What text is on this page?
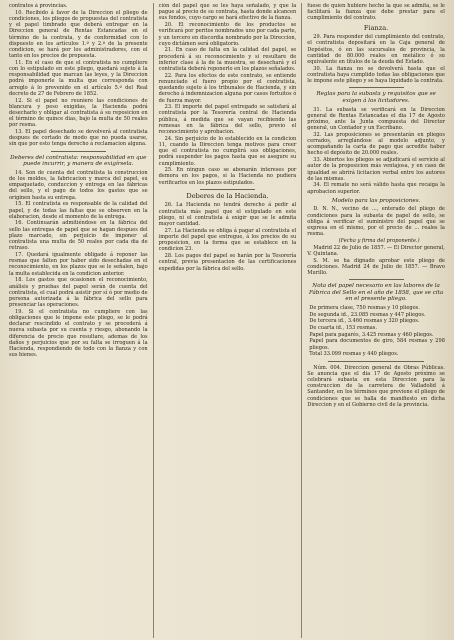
contratos á provincias.

10. Recibido á favor de la Direccion el pliego de condiciones, los pliegos de propuestas del contratista y el papel timbrado que deberá entregar en la Direccion general de Rentas Estancadas en el término de la contrata, y de conformidad con lo dispuesto en los artículos 1.º y 2.º de la presente condicion, se hará por los administradores, con el tanto en los precios de propuesta.

11. En el caso de que el contratista no cumpliere con lo estipulado en este pliego, quedará sujeto á la responsabilidad que marcan las leyes, y la Direccion podrá imponerle la multa que corresponda con arreglo á lo prevenido en el artículo 5.º del Real decreto de 27 de Febrero de 1852.

12. Si el papel no reuniere las condiciones de blancura y peso exigidas, la Hacienda podrá desecharlo y obligar al contratista á su reposicion en el término de quince dias, bajo la multa de 50 reales por resma.

13. El papel desechado se devolverá al contratista despues de cortado de modo que no pueda usarse, sin que por esto tenga derecho á reclamacion alguna.

Deberes del contratista: responsabilidad en que puede incurrir, y manera de exigírsela.

14. Son de cuenta del contratista la construccion de los moldes, la fabricacion y marca del papel, su empaquetado, conduccion y entrega en las fábricas del sello, y el pago de todos los gastos que se originen hasta su entrega.

15. El contratista es responsable de la calidad del papel, y de todas las faltas que se observen en la elaboracion, desde el momento de la entrega.

16. Continuarán admitiéndose en la fábrica del sello las entregas de papel que se hagan despues del plazo marcado, sin perjuicio de imponer al contratista una multa de 50 reales por cada dia de retraso.

17. Quedará igualmente obligado á reponer las resmas que falten por haber sido desechadas en el reconocimiento, en los plazos que se le señalen, bajo la multa establecida en la condicion anterior.

18. Los gastos que ocasionen el reconocimiento, análisis y pruebas del papel serán de cuenta del contratista, el cual podrá asistir por sí ó por medio de persona autorizada á la fábrica del sello para presenciar las operaciones.

19. Si el contratista no cumpliere con las obligaciones que le impone este pliego, se le podrá declarar rescindido el contrato y se procederá á nueva subasta por su cuenta y riesgo, abonando la diferencia de precio que resultare, ademas de los daños y perjuicios que por su falta se irroguen á la Hacienda, respondiendo de todo con la fianza y con sus bienes.

ción del papel que se les haya señalado, y que la pague al precio de su contrata, hasta donde alcancen sus fondos, cuyo cargo se hará efectivo de la fianza.

20. El reconocimiento de los productos se verificará por peritos nombrados uno por cada parte, y un tercero en discordia nombrado por la Direccion, cuyo dictámen será obligatorio.

21. En caso de falta en la calidad del papel, se procederá á su reconocimiento y si resultare de inferior clase á la de la muestra, se desechará y el contratista deberá reponerlo en los plazos señalados.

22. Para los efectos de este contrato, se entiende renunciado el fuero propio por el contratista, quedando sujeto á los tribunales de Hacienda, y sin derecho á indemnizacion alguna por casos fortuitos ó de fuerza mayor.

23. El importe del papel entregado se satisfará al contratista por la Tesorería central de Hacienda pública, á medida que se vayan recibiendo las remesas en la fábrica del sello, previo el reconocimiento y aprobacion.

24. Sin perjuicio de lo establecido en la condicion 11, cuando la Direccion tenga motivos para creer que el contratista no cumplirá sus obligaciones, podrá suspender los pagos hasta que se asegure su cumplimiento.

25. En ningun caso se abonarán intereses por demora en los pagos, si la Hacienda no pudiera verificarlos en los plazos estipulados.

Deberes de la Hacienda.

26. La Hacienda no tendrá derecho á pedir al contratista más papel que el estipulado en este pliego, ni el contratista á exigir que se le admita mayor cantidad.

27. La Hacienda se obliga á pagar al contratista el importe del papel que entregue, á los precios de su proposicion, en la forma que se establece en la condicion 23.

28. Los pagos del papel se harán por la Tesorería central, previa presentacion de las certificaciones expedidas por la fábrica del sello.

fuese de quien hubiere hecho la que se admita, se le facilitará la fianza que debe prestar para el cumplimiento del contrato.

Fianza.

29. Para responder del cumplimiento del contrato, el contratista depositará en la Caja general de Depósitos, ó en las sucursales de provincia, la cantidad de 80.000 reales en metálico ó su equivalente en títulos de la deuda del Estado.

30. La fianza no se devolverá hasta que el contratista haya cumplido todas las obligaciones que le impone este pliego y se haya liquidado la contrata.

Reglas para la subasta y requisitos que se exigen á los licitadores.

31. La subasta se verificará en la Direccion general de Rentas Estancadas el dia 17 de Agosto próximo, ante la Junta compuesta del Director general, un Contador y un Escribano.

32. Las proposiciones se presentarán en pliegos cerrados, arreglándose al modelo adjunto, y acompañando la carta de pago que acredite haber hecho el depósito de 20.000 reales.

33. Abiertos los pliegos se adjudicará el servicio al autor de la proposicion más ventajosa, y en caso de igualdad se abrirá licitacion verbal entre los autores de las mismas.

34. El remate no será válido hasta que recaiga la aprobacion superior.

Modelo para las proposiciones.

D. N. N., vecino de ..., enterado del pliego de condiciones para la subasta de papel de sello, se obliga á verificar el suministro del papel que se expresa en el mismo, por el precio de ... reales la resma.

(Fecha y firma del proponente.)

Madrid 22 de Julio de 1857. — El Director general, V. Quintana.

S. M. se ha dignado aprobar este pliego de condiciones. Madrid 24 de Julio de 1857. — Bravo Murillo.

Nota del papel necesario en las labores de la Fábrica del Sello en el año de 1858, que se cita en el presente pliego.

De primera clase, 750 resmas y 10 pliegos.

De segunda id., 23.085 resmas y 447 pliegos.

De tercera id., 3.460 resmas y 320 pliegos.

De cuarta id., 153 resmas.

Papel para pagarés, 3.425 resmas y 460 pliegos.

Papel para documentos de giro, 584 resmas y 298 pliegos.

Total 33.099 resmas y 440 pliegos.

Núm. 004. Direccion general de Obras Públicas. Se anuncia que el dia 17 de Agosto próximo se celebrará subasta en esta Direccion para la construccion de la carretera de Valladolid á Santander, en los términos que previene el pliego de condiciones que se halla de manifiesto en dicha Direccion y en el Gobierno civil de la provincia.
